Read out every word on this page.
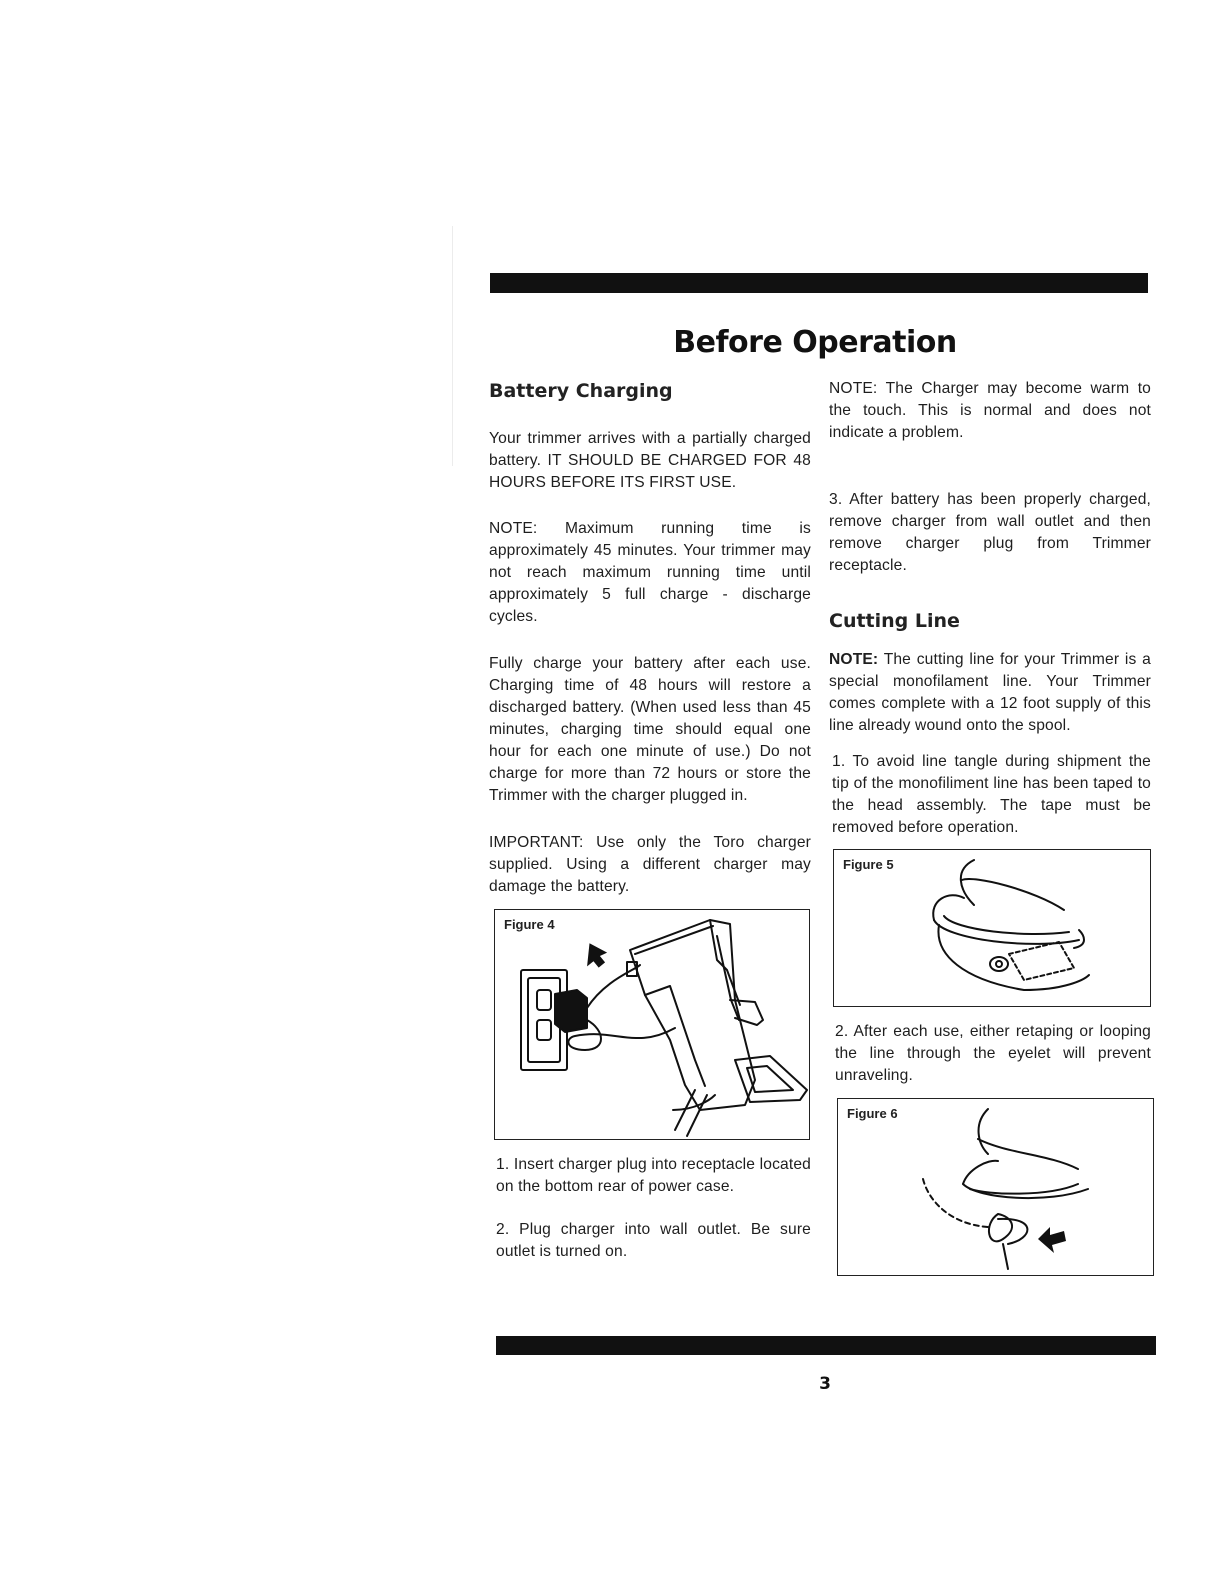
Before Operation
Battery Charging

Your trimmer arrives with a partially charged battery. IT SHOULD BE CHARGED FOR 48 HOURS BEFORE ITS FIRST USE.

NOTE: Maximum running time is approximately 45 minutes. Your trimmer may not reach maximum running time until approximately 5 full charge - discharge cycles.

Fully charge your battery after each use. Charging time of 48 hours will restore a discharged battery. (When used less than 45 minutes, charging time should equal one hour for each one minute of use.) Do not charge for more than 72 hours or store the Trimmer with the charger plugged in.

IMPORTANT: Use only the Toro charger supplied. Using a different charger may damage the battery.

Figure 4

1. Insert charger plug into receptacle located on the bottom rear of power case.

2. Plug charger into wall outlet. Be sure outlet is turned on.

NOTE: The Charger may become warm to the touch. This is normal and does not indicate a problem.

3. After battery has been properly charged, remove charger from wall outlet and then remove charger plug from Trimmer receptacle.

Cutting Line

NOTE: The cutting line for your Trimmer is a special monofilament line. Your Trimmer comes complete with a 12 foot supply of this line already wound onto the spool.

1. To avoid line tangle during shipment the tip of the monofiliment line has been taped to the head assembly. The tape must be removed before operation.

Figure 5

2. After each use, either retaping or looping the line through the eyelet will prevent unraveling.

Figure 6
3
